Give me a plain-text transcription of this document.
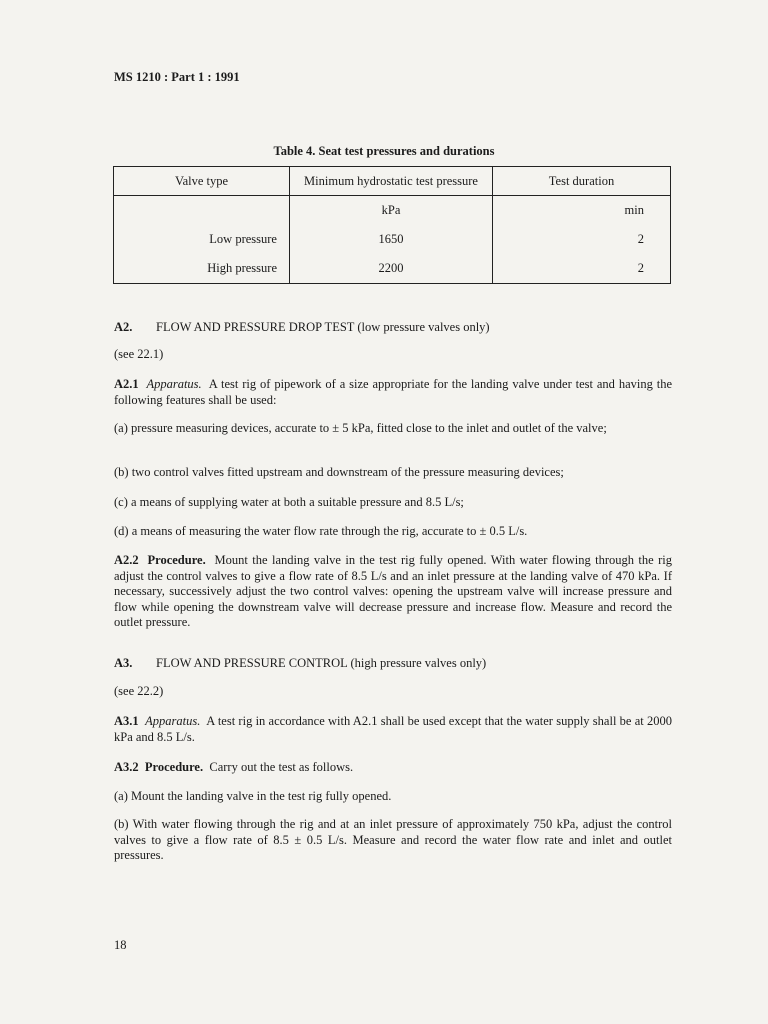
MS 1210 : Part 1 : 1991
Table 4. Seat test pressures and durations
Valve type	Minimum hydrostatic test pressure	Test duration
	kPa	min
Low pressure	1650	2
High pressure	2200	2
A2. FLOW AND PRESSURE DROP TEST (low pressure valves only)
(see 22.1)
A2.1 Apparatus. A test rig of pipework of a size appropriate for the landing valve under test and having the following features shall be used:
(a) pressure measuring devices, accurate to ± 5 kPa, fitted close to the inlet and outlet of the valve;
(b) two control valves fitted upstream and downstream of the pressure measuring devices;
(c) a means of supplying water at both a suitable pressure and 8.5 L/s;
(d) a means of measuring the water flow rate through the rig, accurate to ± 0.5 L/s.
A2.2 Procedure. Mount the landing valve in the test rig fully opened. With water flowing through the rig adjust the control valves to give a flow rate of 8.5 L/s and an inlet pressure at the landing valve of 470 kPa. If necessary, successively adjust the two control valves: opening the upstream valve will increase pressure and flow while opening the downstream valve will decrease pressure and increase flow. Measure and record the outlet pressure.
A3. FLOW AND PRESSURE CONTROL (high pressure valves only)
(see 22.2)
A3.1 Apparatus. A test rig in accordance with A2.1 shall be used except that the water supply shall be at 2000 kPa and 8.5 L/s.
A3.2 Procedure. Carry out the test as follows.
(a) Mount the landing valve in the test rig fully opened.
(b) With water flowing through the rig and at an inlet pressure of approximately 750 kPa, adjust the control valves to give a flow rate of 8.5 ± 0.5 L/s. Measure and record the water flow rate and inlet and outlet pressures.
18
